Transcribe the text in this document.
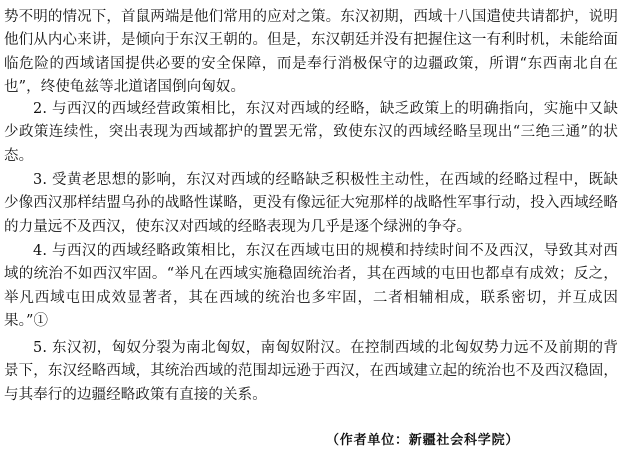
势不明的情况下，首鼠两端是他们常用的应对之策。东汉初期，西域十八国遣使共请都护，说明他们从内心来讲，是倾向于东汉王朝的。但是，东汉朝廷并没有把握住这一有利时机，未能给面临危险的西域诸国提供必要的安全保障，而是奉行消极保守的边疆政策，所谓“东西南北自在也”，终使龟兹等北道诸国倒向匈奴。

2. 与西汉的西域经营政策相比，东汉对西域的经略，缺乏政策上的明确指向，实施中又缺少政策连续性，突出表现为西域都护的置罢无常，致使东汉的西域经略呈现出“三绝三通”的状态。

3. 受黄老思想的影响，东汉对西域的经略缺乏积极性主动性，在西域的经略过程中，既缺少像西汉那样结盟乌孙的战略性谋略，更没有像远征大宛那样的战略性军事行动，投入西域经略的力量远不及西汉，使东汉对西域的经略表现为几乎是逐个绿洲的争夺。

4. 与西汉的西域经略政策相比，东汉在西域屯田的规模和持续时间不及西汉，导致其对西域的统治不如西汉牢固。“举凡在西域实施稳固统治者，其在西域的屯田也都卓有成效；反之，举凡西域屯田成效显著者，其在西域的统治也多牢固，二者相辅相成，联系密切，并互成因果。”①

5. 东汉初，匈奴分裂为南北匈奴，南匈奴附汉。在控制西域的北匈奴势力远不及前期的背景下，东汉经略西域，其统治西域的范围却远逊于西汉，在西域建立起的统治也不及西汉稳固，与其奉行的边疆经略政策有直接的关系。

（作者单位：新疆社会科学院）
